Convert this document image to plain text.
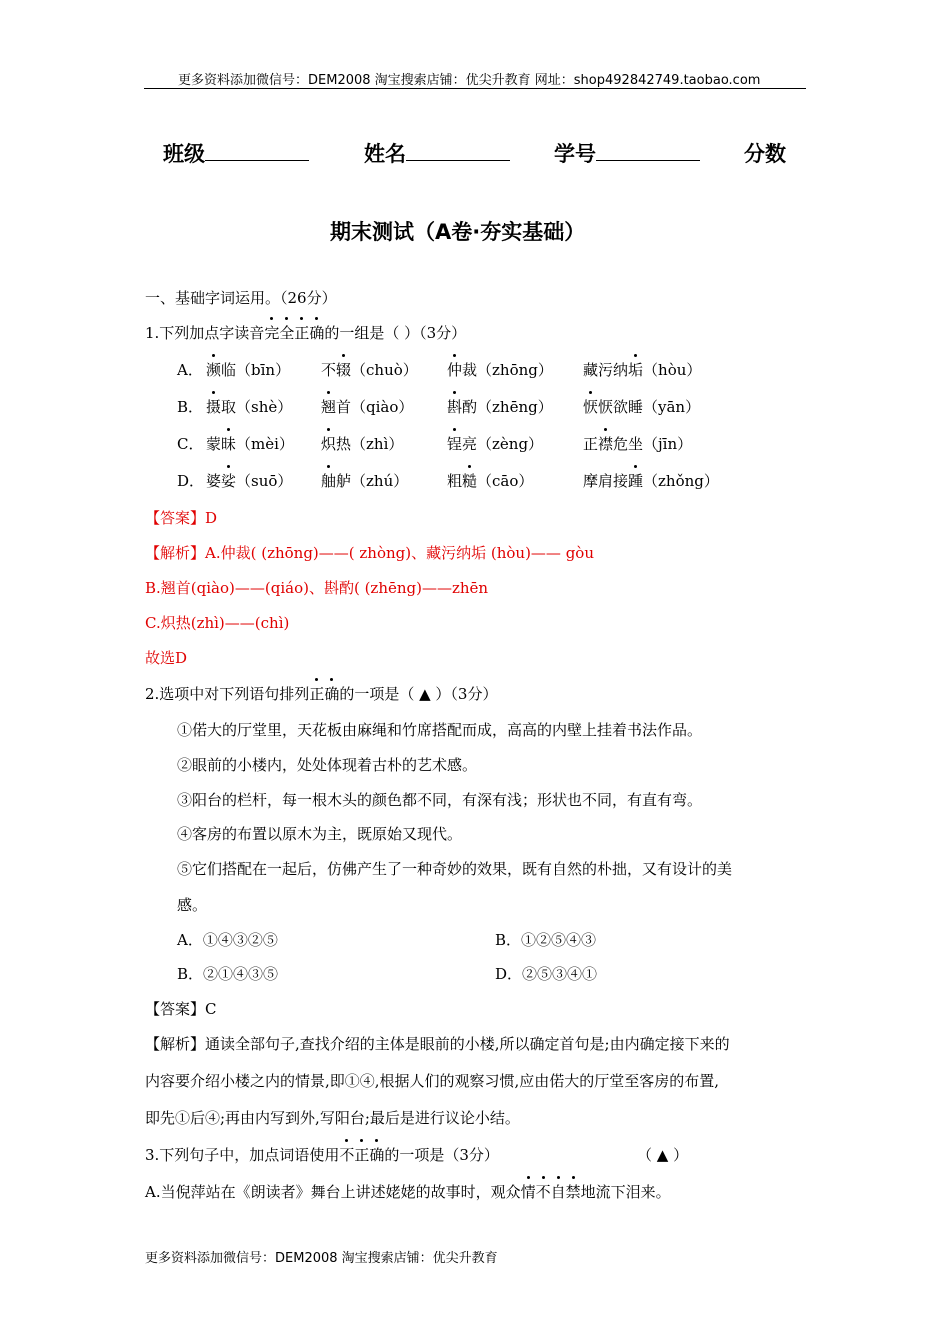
更多资料添加微信号：DEM2008 淘宝搜索店铺：优尖升教育 网址：shop492842749.taobao.com
班级	姓名	学号	分数
期末测试（A卷·夯实基础）
一、基础字词运用。（26分）
1.下列加点字读音完全正确的一组是（ ）（3分）
A． 濒临（bīn） 不辍（chuò） 仲裁（zhōng） 藏污纳垢（hòu）
B． 摄取（shè） 翘首（qiào） 斟酌（zhēng） 恹恹欲睡（yān）
C． 蒙昧（mèi） 炽热（zhì）	锃亮（zèng）	正襟危坐（jīn）
D． 婆娑（suō） 舳舻（zhú）	粗糙（cāo）	摩肩接踵（zhǒng）
【答案】D
【解析】A.仲裁( (zhōng)——( zhòng)、藏污纳垢 (hòu)—— gòu
B.翘首(qiào)——(qiáo)、斟酌( (zhēng)——zhēn
C.炽热(zhì)——(chì)
故选D
2.选项中对下列语句排列正确的一项是（ ▲ ）（3分）
①偌大的厅堂里，天花板由麻绳和竹席搭配而成，高高的内壁上挂着书法作品。
②眼前的小楼内，处处体现着古朴的艺术感。
③阳台的栏杆，每一根木头的颜色都不同，有深有浅；形状也不同，有直有弯。
④客房的布置以原木为主，既原始又现代。
⑤它们搭配在一起后，仿佛产生了一种奇妙的效果，既有自然的朴拙，又有设计的美
感。
A．①④③②⑤	B．①②⑤④③
B．②①④③⑤	D．②⑤③④①
【答案】C
【解析】通读全部句子,查找介绍的主体是眼前的小楼,所以确定首句是;由内确定接下来的
内容要介绍小楼之内的情景,即①④,根据人们的观察习惯,应由偌大的厅堂至客房的布置,
即先①后④;再由内写到外,写阳台;最后是进行议论小结。
3.下列句子中，加点词语使用不正确的一项是（3分）	（ ▲ ）
A.当倪萍站在《朗读者》舞台上讲述姥姥的故事时，观众情不自禁地流下泪来。
更多资料添加微信号：DEM2008 淘宝搜索店铺：优尖升教育
